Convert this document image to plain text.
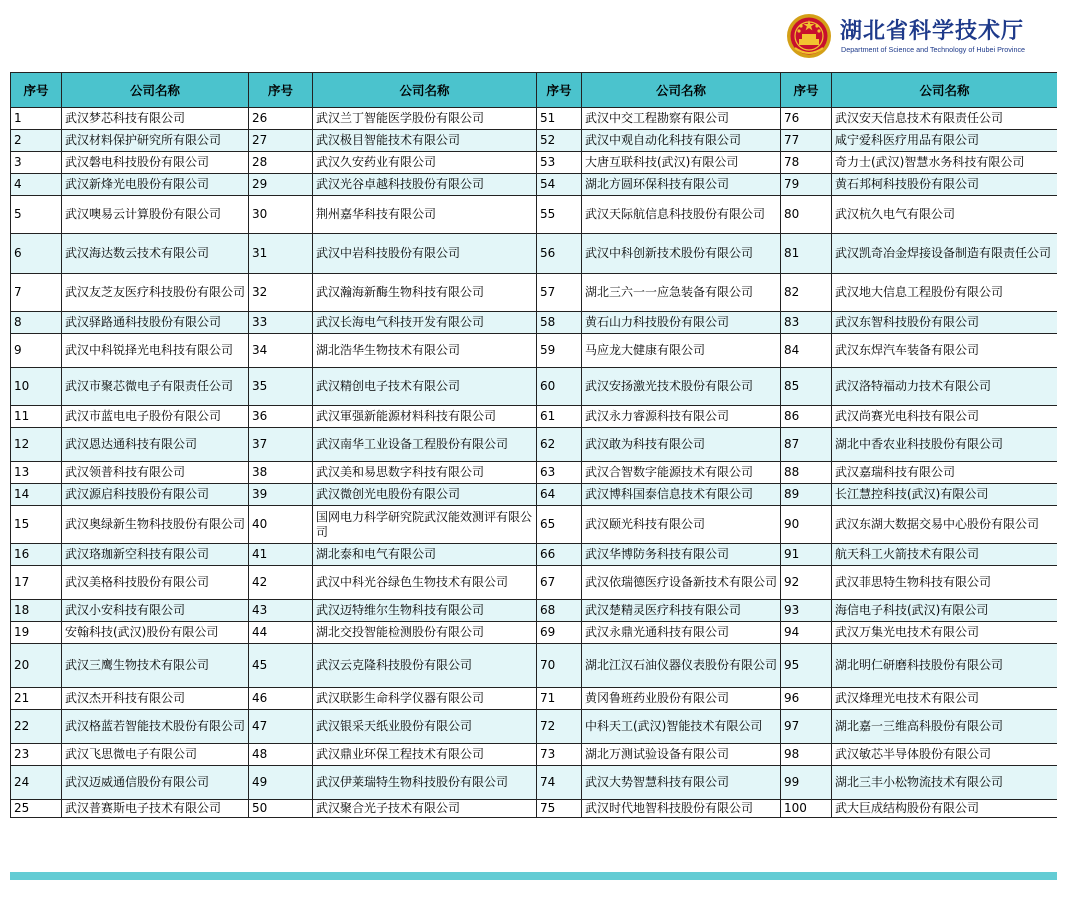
湖北省科学技术厅
Department of Science and Technology of Hubei Province
序号	公司名称	序号	公司名称	序号	公司名称	序号	公司名称
1	武汉梦芯科技有限公司	26	武汉兰丁智能医学股份有限公司	51	武汉中交工程勘察有限公司	76	武汉安天信息技术有限责任公司
2	武汉材料保护研究所有限公司	27	武汉极目智能技术有限公司	52	武汉中观自动化科技有限公司	77	咸宁爱科医疗用品有限公司
3	武汉磐电科技股份有限公司	28	武汉久安药业有限公司	53	大唐互联科技(武汉)有限公司	78	奇力士(武汉)智慧水务科技有限公司
4	武汉新烽光电股份有限公司	29	武汉光谷卓越科技股份有限公司	54	湖北方圆环保科技有限公司	79	黄石邦柯科技股份有限公司
5	武汉噢易云计算股份有限公司	30	荆州嘉华科技有限公司	55	武汉天际航信息科技股份有限公司	80	武汉杭久电气有限公司
6	武汉海达数云技术有限公司	31	武汉中岩科技股份有限公司	56	武汉中科创新技术股份有限公司	81	武汉凯奇冶金焊接设备制造有限责任公司
7	武汉友芝友医疗科技股份有限公司	32	武汉瀚海新酶生物科技有限公司	57	湖北三六一一应急装备有限公司	82	武汉地大信息工程股份有限公司
8	武汉驿路通科技股份有限公司	33	武汉长海电气科技开发有限公司	58	黄石山力科技股份有限公司	83	武汉东智科技股份有限公司
9	武汉中科锐择光电科技有限公司	34	湖北浩华生物技术有限公司	59	马应龙大健康有限公司	84	武汉东焊汽车装备有限公司
10	武汉市聚芯微电子有限责任公司	35	武汉精创电子技术有限公司	60	武汉安扬激光技术股份有限公司	85	武汉洛特福动力技术有限公司
11	武汉市蓝电电子股份有限公司	36	武汉軍强新能源材料科技有限公司	61	武汉永力睿源科技有限公司	86	武汉尚赛光电科技有限公司
12	武汉恩达通科技有限公司	37	武汉南华工业设备工程股份有限公司	62	武汉敢为科技有限公司	87	湖北中香农业科技股份有限公司
13	武汉领普科技有限公司	38	武汉美和易思数字科技有限公司	63	武汉合智数字能源技术有限公司	88	武汉嘉瑞科技有限公司
14	武汉源启科技股份有限公司	39	武汉微创光电股份有限公司	64	武汉博科国泰信息技术有限公司	89	长江慧控科技(武汉)有限公司
15	武汉奥绿新生物科技股份有限公司	40	国网电力科学研究院武汉能效测评有限公司	65	武汉颐光科技有限公司	90	武汉东湖大数据交易中心股份有限公司
16	武汉珞珈新空科技有限公司	41	湖北泰和电气有限公司	66	武汉华博防务科技有限公司	91	航天科工火箭技术有限公司
17	武汉美格科技股份有限公司	42	武汉中科光谷绿色生物技术有限公司	67	武汉依瑞德医疗设备新技术有限公司	92	武汉菲思特生物科技有限公司
18	武汉小安科技有限公司	43	武汉迈特维尔生物科技有限公司	68	武汉楚精灵医疗科技有限公司	93	海信电子科技(武汉)有限公司
19	安翰科技(武汉)股份有限公司	44	湖北交投智能检测股份有限公司	69	武汉永鼎光通科技有限公司	94	武汉万集光电技术有限公司
20	武汉三鹰生物技术有限公司	45	武汉云克隆科技股份有限公司	70	湖北江汉石油仪器仪表股份有限公司	95	湖北明仁研磨科技股份有限公司
21	武汉杰开科技有限公司	46	武汉联影生命科学仪器有限公司	71	黄冈鲁班药业股份有限公司	96	武汉烽理光电技术有限公司
22	武汉格蓝若智能技术股份有限公司	47	武汉银采天纸业股份有限公司	72	中科天工(武汉)智能技术有限公司	97	湖北嘉一三维高科股份有限公司
23	武汉飞思微电子有限公司	48	武汉鼎业环保工程技术有限公司	73	湖北万测试验设备有限公司	98	武汉敏芯半导体股份有限公司
24	武汉迈威通信股份有限公司	49	武汉伊莱瑞特生物科技股份有限公司	74	武汉大势智慧科技有限公司	99	湖北三丰小松物流技术有限公司
25	武汉普赛斯电子技术有限公司	50	武汉聚合光子技术有限公司	75	武汉时代地智科技股份有限公司	100	武大巨成结构股份有限公司
